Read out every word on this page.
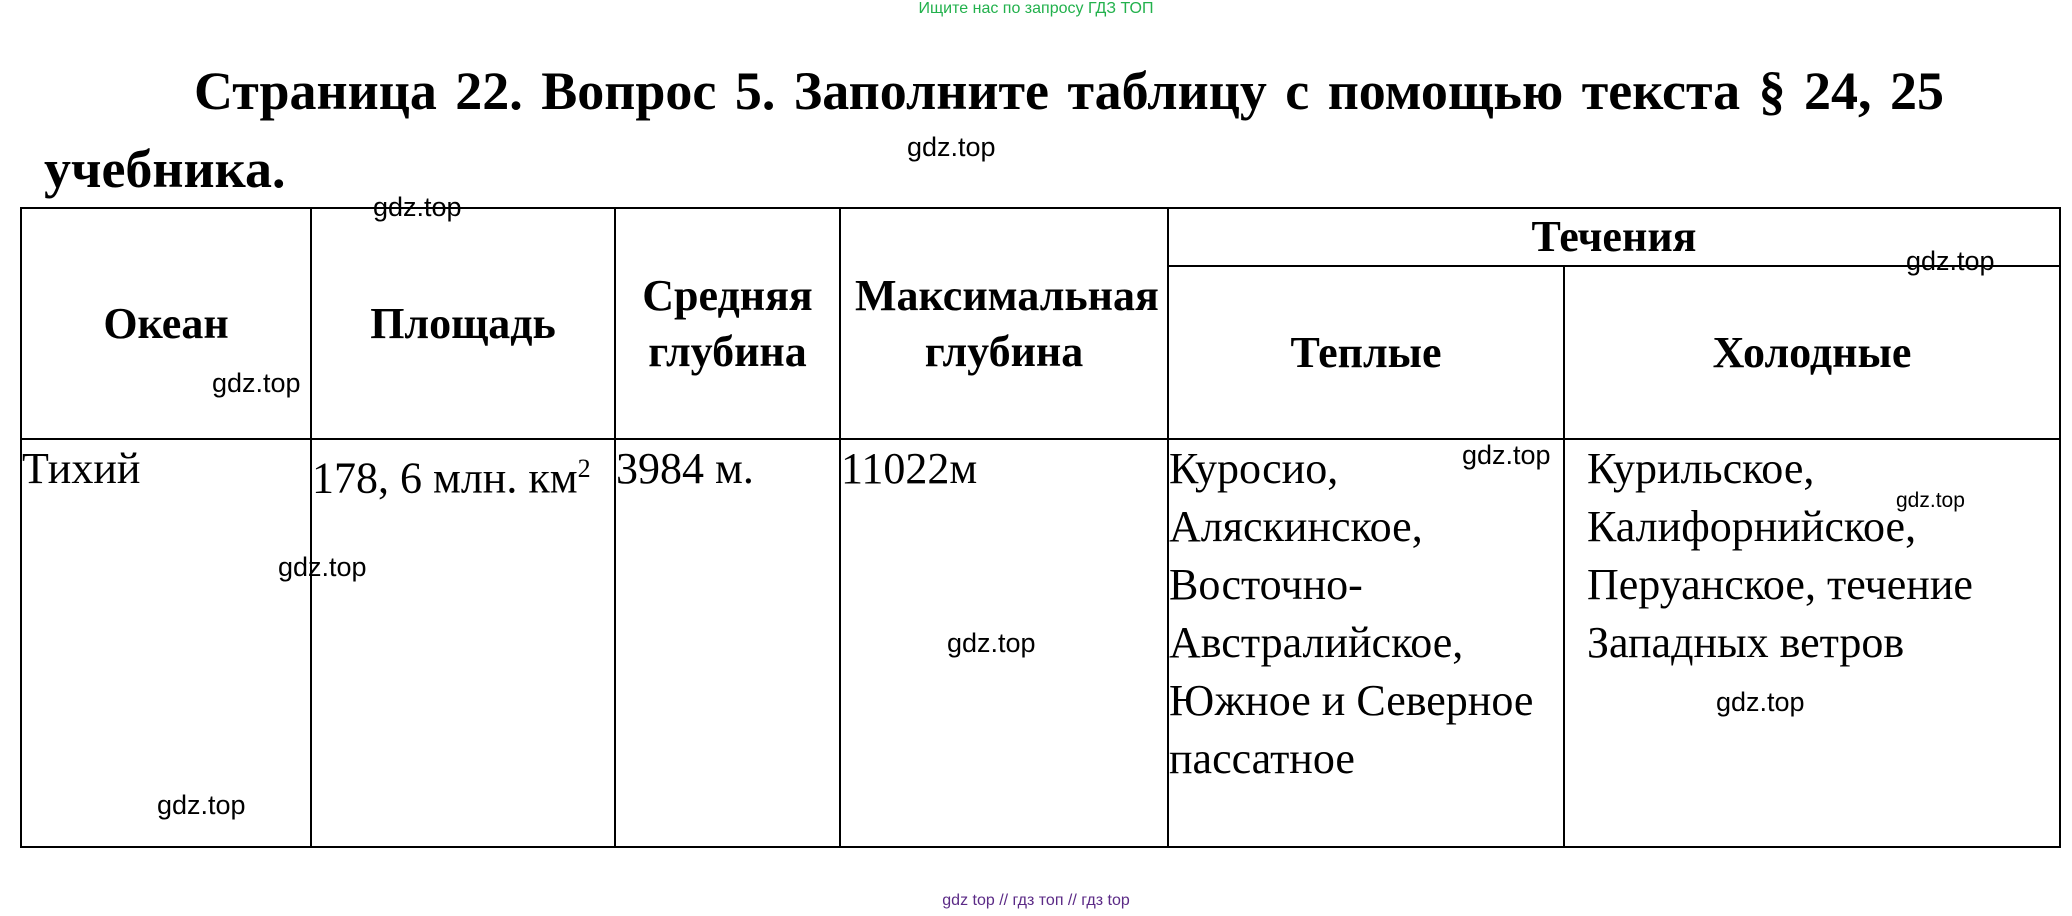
Ищите нас по запросу ГДЗ ТОП
Страница 22. Вопрос 5. Заполните таблицу с помощью текста § 24, 25 учебника.
Океан	Площадь	Средняя глубина	Максимальная глубина	Течения	
				Теплые	Холодные
Тихий	178, 6 млн. $км^2$	3984 м.	11022м	Куросио, Аляскинское, Восточно-Австралийское, Южное и Северное пассатное	Курильское, Калифорнийское, Перуанское, течение Западных ветров
gdz.top
gdz.top
gdz.top
gdz.top
gdz.top
gdz.top
gdz.top
gdz.top
gdz.top
gdz.top
gdz top // гдз топ // гдз top
